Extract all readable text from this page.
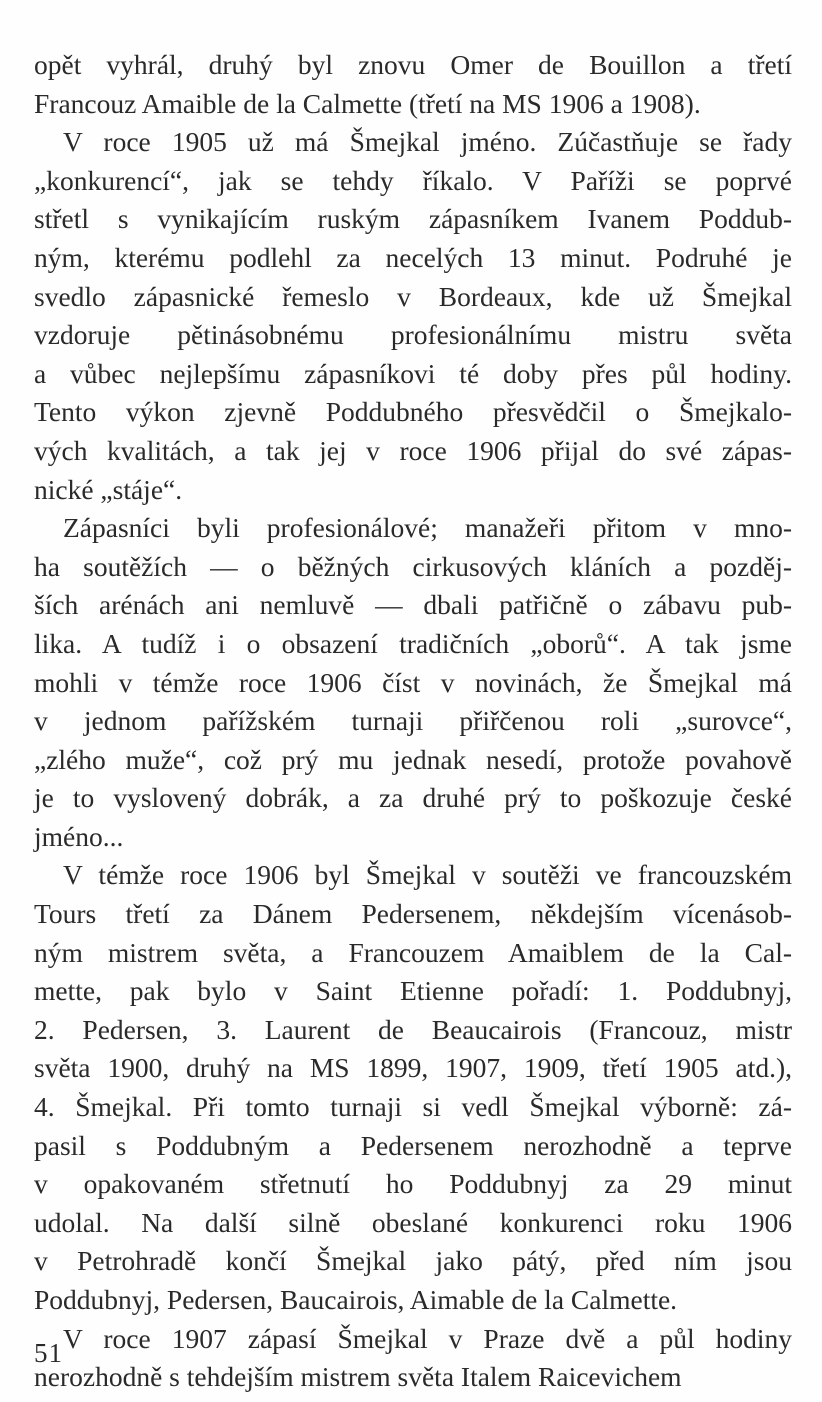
opět vyhrál, druhý byl znovu Omer de Bouillon a třetí
Francouz Amaible de la Calmette (třetí na MS 1906 a 1908).
V roce 1905 už má Šmejkal jméno. Zúčastňuje se řady
„konkurencí“, jak se tehdy říkalo. V Paříži se poprvé
střetl s vynikajícím ruským zápasníkem Ivanem Poddub-
ným, kterému podlehl za necelých 13 minut. Podruhé je
svedlo zápasnické řemeslo v Bordeaux, kde už Šmejkal
vzdoruje pětinásobnému profesionálnímu mistru světa
a vůbec nejlepšímu zápasníkovi té doby přes půl hodiny.
Tento výkon zjevně Poddubného přesvědčil o Šmejkalo-
vých kvalitách, a tak jej v roce 1906 přijal do své zápas-
nické „stáje“.
Zápasníci byli profesionálové; manažeři přitom v mno-
ha soutěžích — o běžných cirkusových kláních a pozděj-
ších arénách ani nemluvě — dbali patřičně o zábavu pub-
lika. A tudíž i o obsazení tradičních „oborů“. A tak jsme
mohli v témže roce 1906 číst v novinách, že Šmejkal má
v jednom pařížském turnaji přiřčenou roli „surovce“,
„zlého muže“, což prý mu jednak nesedí, protože povahově
je to vyslovený dobrák, a za druhé prý to poškozuje české
jméno...
V témže roce 1906 byl Šmejkal v soutěži ve francouzském
Tours třetí za Dánem Pedersenem, někdejším vícenásob-
ným mistrem světa, a Francouzem Amaiblem de la Cal-
mette, pak bylo v Saint Etienne pořadí: 1. Poddubnyj,
2. Pedersen, 3. Laurent de Beaucairois (Francouz, mistr
světa 1900, druhý na MS 1899, 1907, 1909, třetí 1905 atd.),
4. Šmejkal. Při tomto turnaji si vedl Šmejkal výborně: zá-
pasil s Poddubným a Pedersenem nerozhodně a teprve
v opakovaném střetnutí ho Poddubnyj za 29 minut
udolal. Na další silně obeslané konkurenci roku 1906
v Petrohradě končí Šmejkal jako pátý, před ním jsou
Poddubnyj, Pedersen, Baucairois, Aimable de la Calmette.
V roce 1907 zápasí Šmejkal v Praze dvě a půl hodiny
nerozhodně s tehdejším mistrem světa Italem Raicevichem
51
